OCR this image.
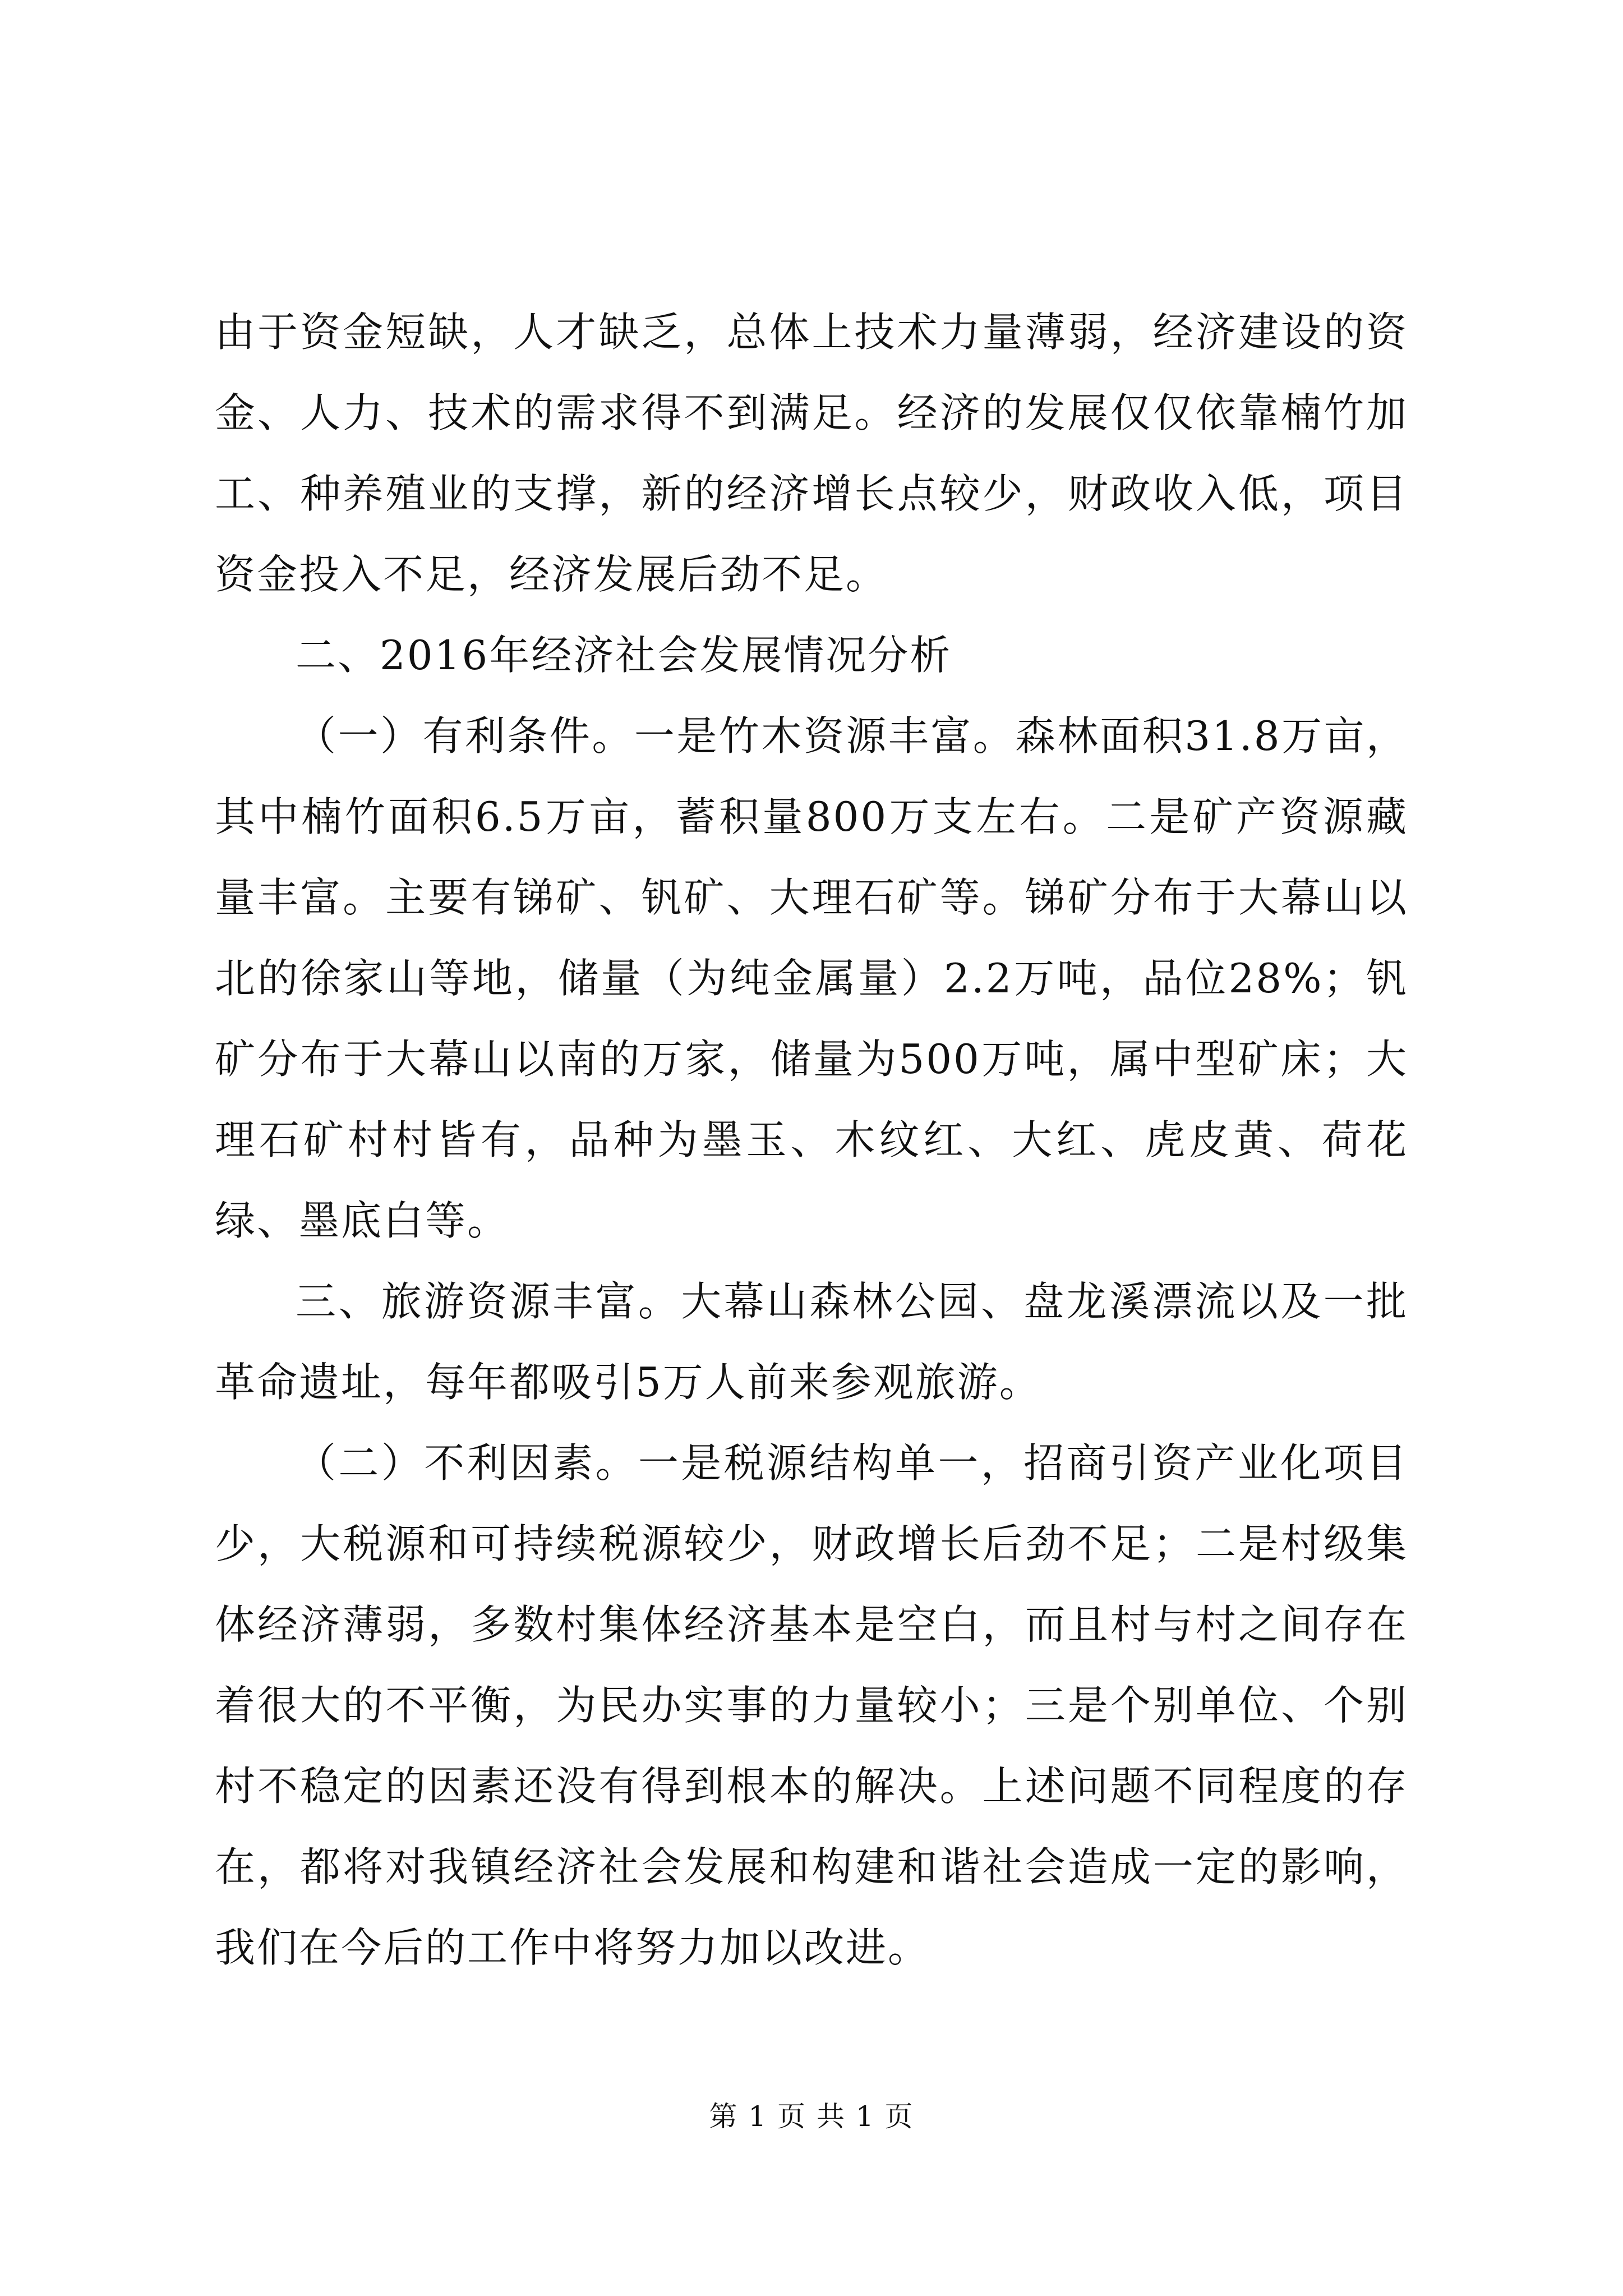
由于资金短缺，人才缺乏，总体上技术力量薄弱，经济建设的资金、人力、技术的需求得不到满足。经济的发展仅仅依靠楠竹加工、种养殖业的支撑，新的经济增长点较少，财政收入低，项目资金投入不足，经济发展后劲不足。

二、2016年经济社会发展情况分析

（一）有利条件。一是竹木资源丰富。森林面积31.8万亩，其中楠竹面积6.5万亩，蓄积量800万支左右。二是矿产资源藏量丰富。主要有锑矿、钒矿、大理石矿等。锑矿分布于大幕山以北的徐家山等地，储量（为纯金属量）2.2万吨，品位28%；钒矿分布于大幕山以南的万家，储量为500万吨，属中型矿床；大理石矿村村皆有，品种为墨玉、木纹红、大红、虎皮黄、荷花绿、墨底白等。

三、旅游资源丰富。大幕山森林公园、盘龙溪漂流以及一批革命遗址，每年都吸引5万人前来参观旅游。

（二）不利因素。一是税源结构单一，招商引资产业化项目少，大税源和可持续税源较少，财政增长后劲不足；二是村级集体经济薄弱，多数村集体经济基本是空白，而且村与村之间存在着很大的不平衡，为民办实事的力量较小；三是个别单位、个别村不稳定的因素还没有得到根本的解决。上述问题不同程度的存在，都将对我镇经济社会发展和构建和谐社会造成一定的影响，我们在今后的工作中将努力加以改进。

第 1 页 共 1 页
